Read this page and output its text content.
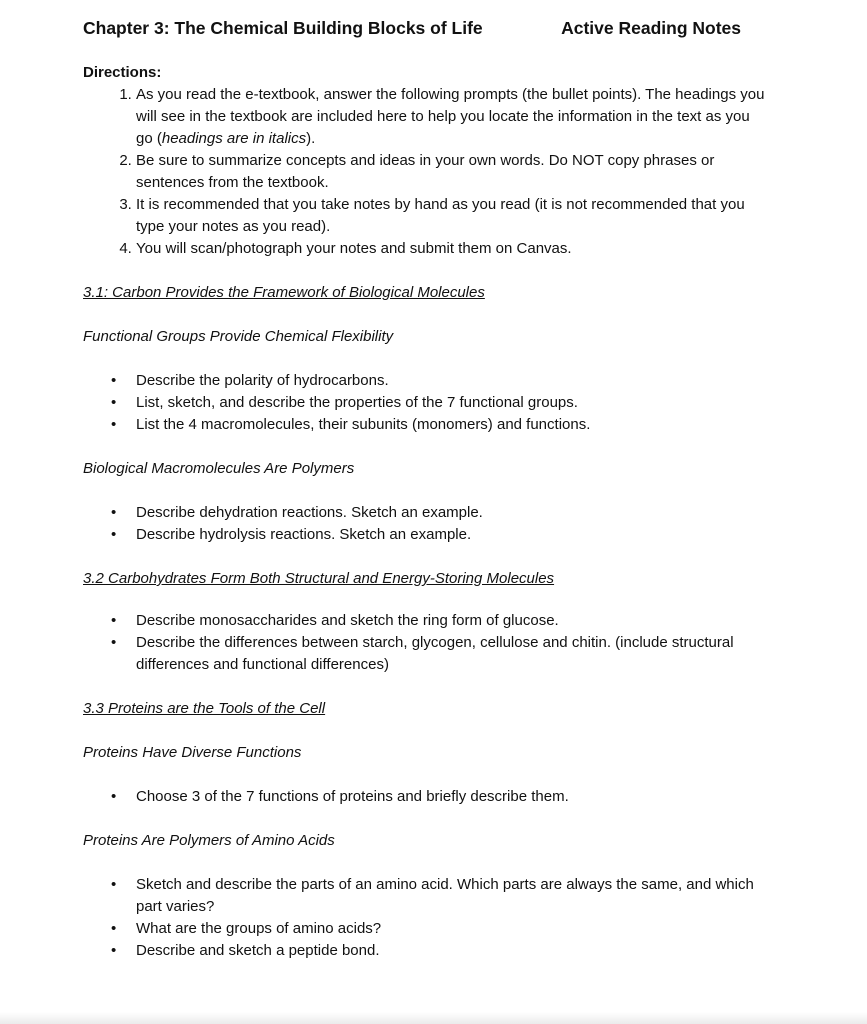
Chapter 3: The Chemical Building Blocks of Life	Active Reading Notes
Directions:
1. As you read the e-textbook, answer the following prompts (the bullet points). The headings you will see in the textbook are included here to help you locate the information in the text as you go (headings are in italics).
2. Be sure to summarize concepts and ideas in your own words. Do NOT copy phrases or sentences from the textbook.
3. It is recommended that you take notes by hand as you read (it is not recommended that you type your notes as you read).
4. You will scan/photograph your notes and submit them on Canvas.
3.1: Carbon Provides the Framework of Biological Molecules
Functional Groups Provide Chemical Flexibility
• Describe the polarity of hydrocarbons.
• List, sketch, and describe the properties of the 7 functional groups.
• List the 4 macromolecules, their subunits (monomers) and functions.
Biological Macromolecules Are Polymers
• Describe dehydration reactions. Sketch an example.
• Describe hydrolysis reactions. Sketch an example.
3.2 Carbohydrates Form Both Structural and Energy-Storing Molecules
• Describe monosaccharides and sketch the ring form of glucose.
• Describe the differences between starch, glycogen, cellulose and chitin. (include structural differences and functional differences)
3.3 Proteins are the Tools of the Cell
Proteins Have Diverse Functions
• Choose 3 of the 7 functions of proteins and briefly describe them.
Proteins Are Polymers of Amino Acids
• Sketch and describe the parts of an amino acid. Which parts are always the same, and which part varies?
• What are the groups of amino acids?
• Describe and sketch a peptide bond.
